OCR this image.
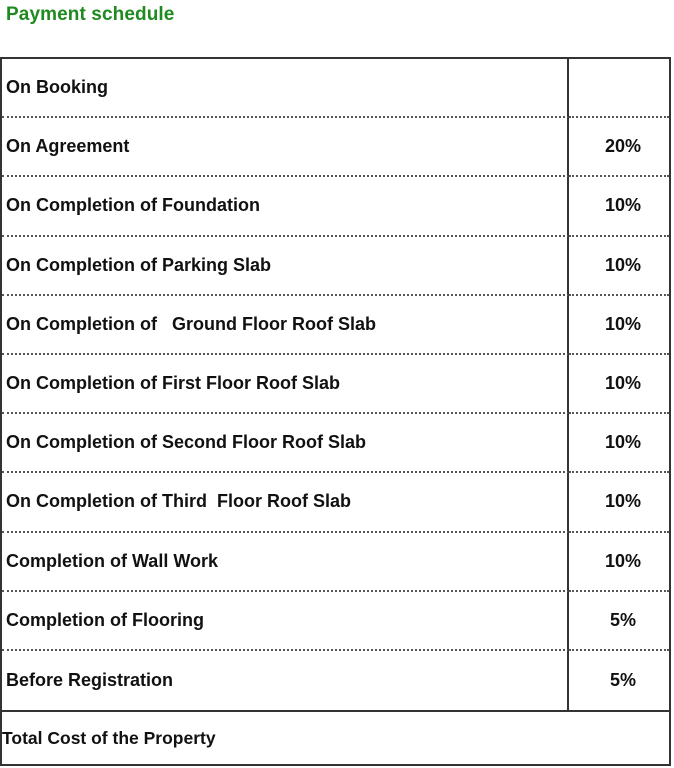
Payment schedule
On Booking
On Agreement	20%
On Completion of Foundation	10%
On Completion of Parking Slab	10%
On Completion of   Ground Floor Roof Slab	10%
On Completion of First Floor Roof Slab	10%
On Completion of Second Floor Roof Slab	10%
On Completion of Third  Floor Roof Slab	10%
Completion of Wall Work	10%
Completion of Flooring	5%
Before Registration	5%
Total Cost of the Property
